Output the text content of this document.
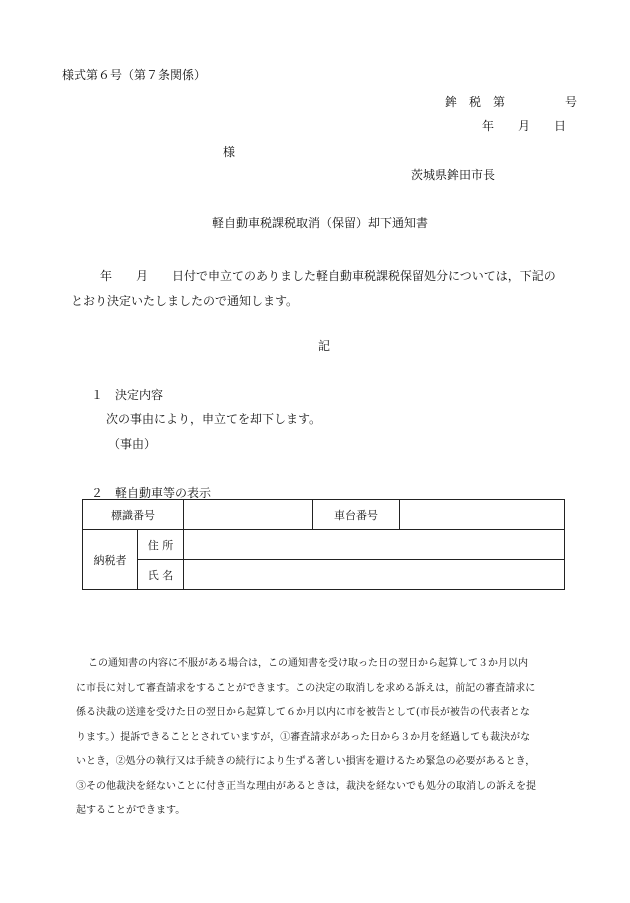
様式第６号（第７条関係）
鉾　税　第　　　　　号
年　　月　　日
様
茨城県鉾田市長
軽自動車税課税取消（保留）却下通知書
年　　月　　日付で申立てのありました軽自動車税課税保留処分については，下記の
とおり決定いたしましたので通知します。
記
１　決定内容
次の事由により，申立てを却下します。
（事由）
２　軽自動車等の表示
標識番号			車台番号	
納税者	住 所			
	氏 名			
この通知書の内容に不服がある場合は，この通知書を受け取った日の翌日から起算して３か月以内
に市長に対して審査請求をすることができます。この決定の取消しを求める訴えは，前記の審査請求に
係る決裁の送達を受けた日の翌日から起算して６か月以内に市を被告として(市長が被告の代表者とな
ります。）提訴できることとされていますが，①審査請求があった日から３か月を経過しても裁決がな
いとき，②処分の執行又は手続きの続行により生ずる著しい損害を避けるため緊急の必要があるとき，
③その他裁決を経ないことに付き正当な理由があるときは，裁決を経ないでも処分の取消しの訴えを提
起することができます。
